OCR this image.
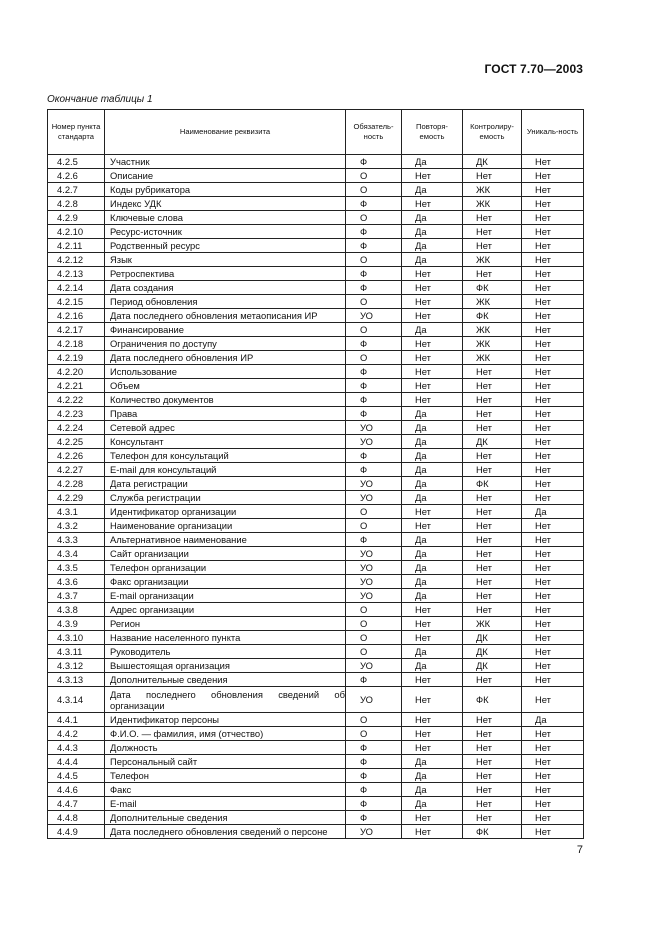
ГОСТ 7.70—2003
Окончание таблицы 1
Номер пункта стандарта	Наименование реквизита	Обязатель-ность	Повторя-емость	Контролиру-емость	Уникаль-ность
4.2.5	Участник	Ф	Да	ДК	Нет
4.2.6	Описание	О	Нет	Нет	Нет
4.2.7	Коды рубрикатора	О	Да	ЖК	Нет
4.2.8	Индекс УДК	Ф	Нет	ЖК	Нет
4.2.9	Ключевые слова	О	Да	Нет	Нет
4.2.10	Ресурс-источник	Ф	Да	Нет	Нет
4.2.11	Родственный ресурс	Ф	Да	Нет	Нет
4.2.12	Язык	О	Да	ЖК	Нет
4.2.13	Ретроспектива	Ф	Нет	Нет	Нет
4.2.14	Дата создания	Ф	Нет	ФК	Нет
4.2.15	Период обновления	О	Нет	ЖК	Нет
4.2.16	Дата последнего обновления метаописания ИР	УО	Нет	ФК	Нет
4.2.17	Финансирование	О	Да	ЖК	Нет
4.2.18	Ограничения по доступу	Ф	Нет	ЖК	Нет
4.2.19	Дата последнего обновления ИР	О	Нет	ЖК	Нет
4.2.20	Использование	Ф	Нет	Нет	Нет
4.2.21	Объем	Ф	Нет	Нет	Нет
4.2.22	Количество документов	Ф	Нет	Нет	Нет
4.2.23	Права	Ф	Да	Нет	Нет
4.2.24	Сетевой адрес	УО	Да	Нет	Нет
4.2.25	Консультант	УО	Да	ДК	Нет
4.2.26	Телефон для консультаций	Ф	Да	Нет	Нет
4.2.27	E-mail для консультаций	Ф	Да	Нет	Нет
4.2.28	Дата регистрации	УО	Да	ФК	Нет
4.2.29	Служба регистрации	УО	Да	Нет	Нет
4.3.1	Идентификатор организации	О	Нет	Нет	Да
4.3.2	Наименование организации	О	Нет	Нет	Нет
4.3.3	Альтернативное наименование	Ф	Да	Нет	Нет
4.3.4	Сайт организации	УО	Да	Нет	Нет
4.3.5	Телефон организации	УО	Да	Нет	Нет
4.3.6	Факс организации	УО	Да	Нет	Нет
4.3.7	E-mail организации	УО	Да	Нет	Нет
4.3.8	Адрес организации	О	Нет	Нет	Нет
4.3.9	Регион	О	Нет	ЖК	Нет
4.3.10	Название населенного пункта	О	Нет	ДК	Нет
4.3.11	Руководитель	О	Да	ДК	Нет
4.3.12	Вышестоящая организация	УО	Да	ДК	Нет
4.3.13	Дополнительные сведения	Ф	Нет	Нет	Нет
4.3.14	Дата последнего обновления сведений об организации	УО	Нет	ФК	Нет
4.4.1	Идентификатор персоны	О	Нет	Нет	Да
4.4.2	Ф.И.О. — фамилия, имя (отчество)	О	Нет	Нет	Нет
4.4.3	Должность	Ф	Нет	Нет	Нет
4.4.4	Персональный сайт	Ф	Да	Нет	Нет
4.4.5	Телефон	Ф	Да	Нет	Нет
4.4.6	Факс	Ф	Да	Нет	Нет
4.4.7	E-mail	Ф	Да	Нет	Нет
4.4.8	Дополнительные сведения	Ф	Нет	Нет	Нет
4.4.9	Дата последнего обновления сведений о персоне	УО	Нет	ФК	Нет
7
